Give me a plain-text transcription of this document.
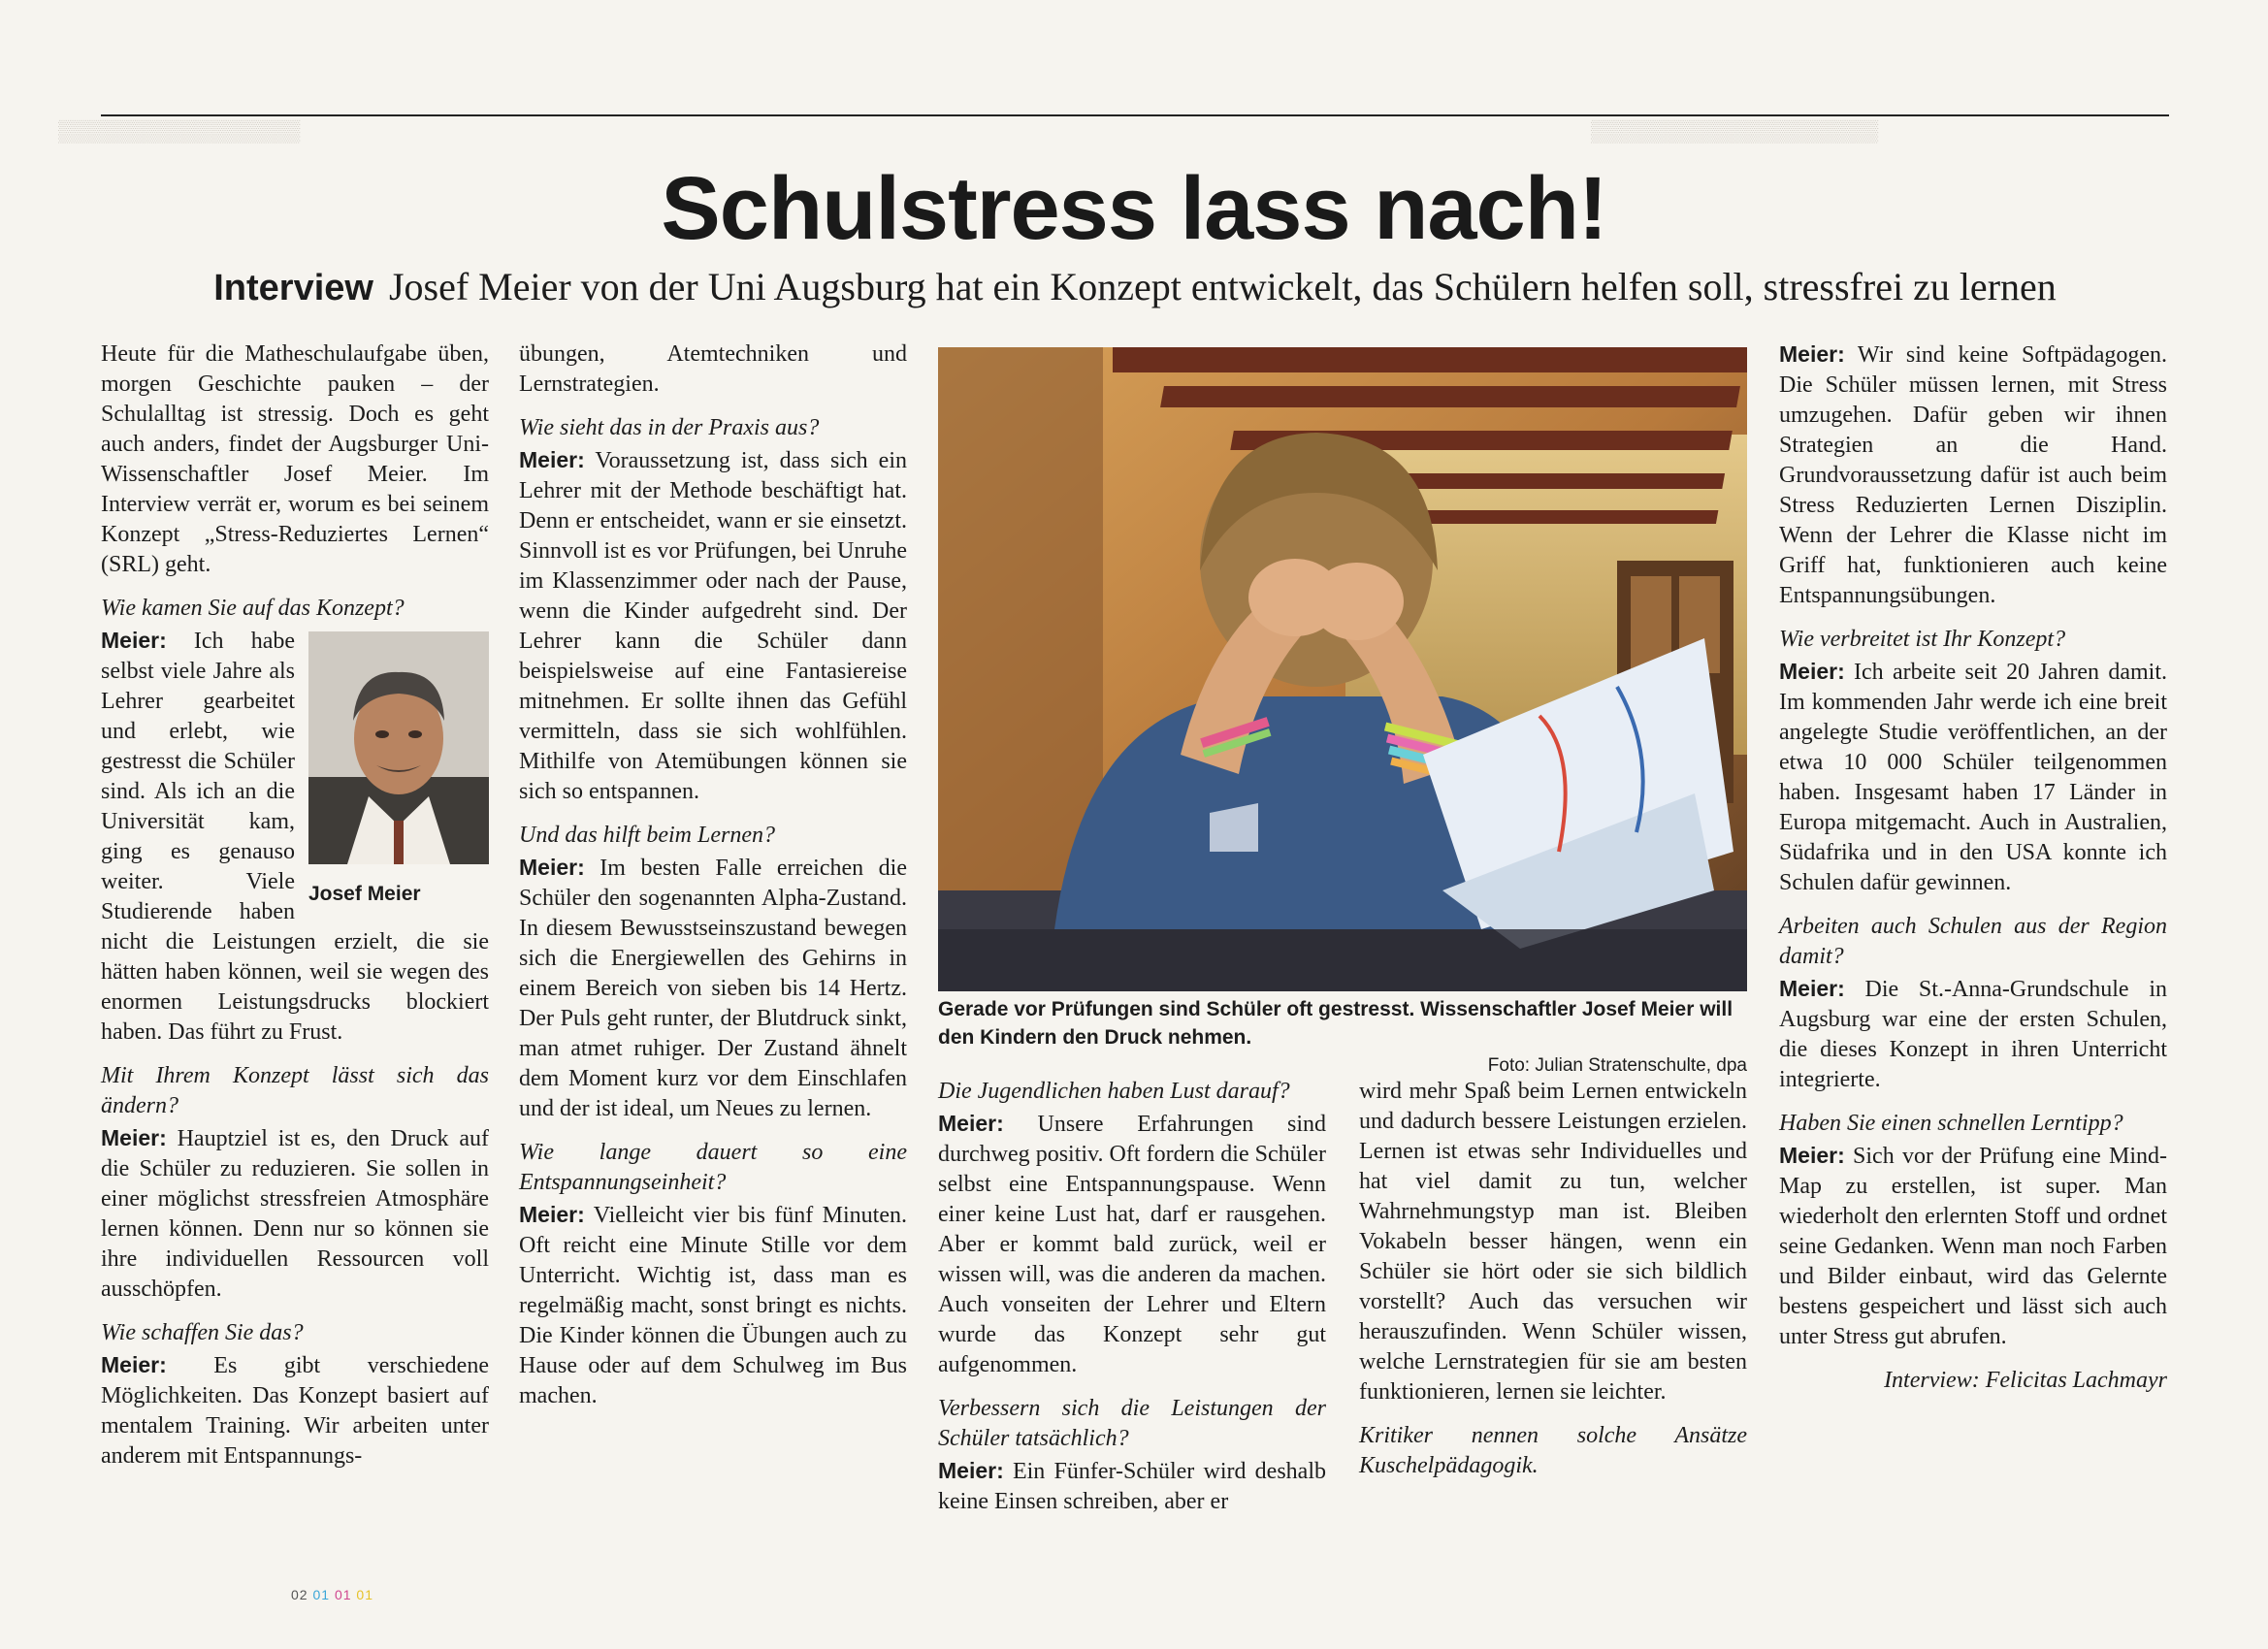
▒▒▒▒▒▒▒▒▒▒▒▒▒▒▒▒	▒▒▒▒▒▒▒▒▒▒▒▒▒▒▒▒▒▒▒
Schulstress lass nach!
Interview Josef Meier von der Uni Augsburg hat ein Konzept entwickelt, das Schülern helfen soll, stressfrei zu lernen

Heute für die Matheschulaufgabe üben, morgen Geschichte pauken – der Schulalltag ist stressig. Doch es geht auch anders, findet der Augsburger Uni-Wissenschaftler Josef Meier. Im Interview verrät er, worum es bei seinem Konzept „Stress-Reduziertes Lernen“ (SRL) geht.

Wie kamen Sie auf das Konzept?

Josef Meier
Meier: Ich habe selbst viele Jahre als Lehrer gearbeitet und erlebt, wie gestresst die Schüler sind. Als ich an die Universität kam, ging es genauso weiter. Viele Studierende haben nicht die Leistungen erzielt, die sie hätten haben können, weil sie wegen des enormen Leistungsdrucks blockiert haben. Das führt zu Frust.

Mit Ihrem Konzept lässt sich das ändern?

Meier: Hauptziel ist es, den Druck auf die Schüler zu reduzieren. Sie sollen in einer möglichst stressfreien Atmosphäre lernen können. Denn nur so können sie ihre individuellen Ressourcen voll ausschöpfen.

Wie schaffen Sie das?

Meier: Es gibt verschiedene Möglichkeiten. Das Konzept basiert auf mentalem Training. Wir arbeiten unter anderem mit Entspannungs-

übungen, Atemtechniken und Lernstrategien.

Wie sieht das in der Praxis aus?

Meier: Voraussetzung ist, dass sich ein Lehrer mit der Methode beschäftigt hat. Denn er entscheidet, wann er sie einsetzt. Sinnvoll ist es vor Prüfungen, bei Unruhe im Klassenzimmer oder nach der Pause, wenn die Kinder aufgedreht sind. Der Lehrer kann die Schüler dann beispielsweise auf eine Fantasiereise mitnehmen. Er sollte ihnen das Gefühl vermitteln, dass sie sich wohlfühlen. Mithilfe von Atemübungen können sie sich so entspannen.

Und das hilft beim Lernen?

Meier: Im besten Falle erreichen die Schüler den sogenannten Alpha-Zustand. In diesem Bewusstseinszustand bewegen sich die Energiewellen des Gehirns in einem Bereich von sieben bis 14 Hertz. Der Puls geht runter, der Blutdruck sinkt, man atmet ruhiger. Der Zustand ähnelt dem Moment kurz vor dem Einschlafen und der ist ideal, um Neues zu lernen.

Wie lange dauert so eine Entspannungseinheit?

Meier: Vielleicht vier bis fünf Minuten. Oft reicht eine Minute Stille vor dem Unterricht. Wichtig ist, dass man es regelmäßig macht, sonst bringt es nichts. Die Kinder können die Übungen auch zu Hause oder auf dem Schulweg im Bus machen.

Gerade vor Prüfungen sind Schüler oft gestresst. Wissenschaftler Josef Meier will den Kindern den Druck nehmen.
Foto: Julian Stratenschulte, dpa

Die Jugendlichen haben Lust darauf?

Meier: Unsere Erfahrungen sind durchweg positiv. Oft fordern die Schüler selbst eine Entspannungspause. Wenn einer keine Lust hat, darf er rausgehen. Aber er kommt bald zurück, weil er wissen will, was die anderen da machen. Auch vonseiten der Lehrer und Eltern wurde das Konzept sehr gut aufgenommen.

Verbessern sich die Leistungen der Schüler tatsächlich?

Meier: Ein Fünfer-Schüler wird deshalb keine Einsen schreiben, aber er

wird mehr Spaß beim Lernen entwickeln und dadurch bessere Leistungen erzielen. Lernen ist etwas sehr Individuelles und hat viel damit zu tun, welcher Wahrnehmungstyp man ist. Bleiben Vokabeln besser hängen, wenn ein Schüler sie hört oder sie sich bildlich vorstellt? Auch das versuchen wir herauszufinden. Wenn Schüler wissen, welche Lernstrategien für sie am besten funktionieren, lernen sie leichter.

Kritiker nennen solche Ansätze Kuschelpädagogik.

Meier: Wir sind keine Softpädagogen. Die Schüler müssen lernen, mit Stress umzugehen. Dafür geben wir ihnen Strategien an die Hand. Grundvoraussetzung dafür ist auch beim Stress Reduzierten Lernen Disziplin. Wenn der Lehrer die Klasse nicht im Griff hat, funktionieren auch keine Entspannungsübungen.

Wie verbreitet ist Ihr Konzept?

Meier: Ich arbeite seit 20 Jahren damit. Im kommenden Jahr werde ich eine breit angelegte Studie veröffentlichen, an der etwa 10 000 Schüler teilgenommen haben. Insgesamt haben 17 Länder in Europa mitgemacht. Auch in Australien, Südafrika und in den USA konnte ich Schulen dafür gewinnen.

Arbeiten auch Schulen aus der Region damit?

Meier: Die St.-Anna-Grundschule in Augsburg war eine der ersten Schulen, die dieses Konzept in ihren Unterricht integrierte.

Haben Sie einen schnellen Lerntipp?

Meier: Sich vor der Prüfung eine Mind-Map zu erstellen, ist super. Man wiederholt den erlernten Stoff und ordnet seine Gedanken. Wenn man noch Farben und Bilder einbaut, wird das Gelernte bestens gespeichert und lässt sich auch unter Stress gut abrufen.

Interview: Felicitas Lachmayr

02 01 01 01
